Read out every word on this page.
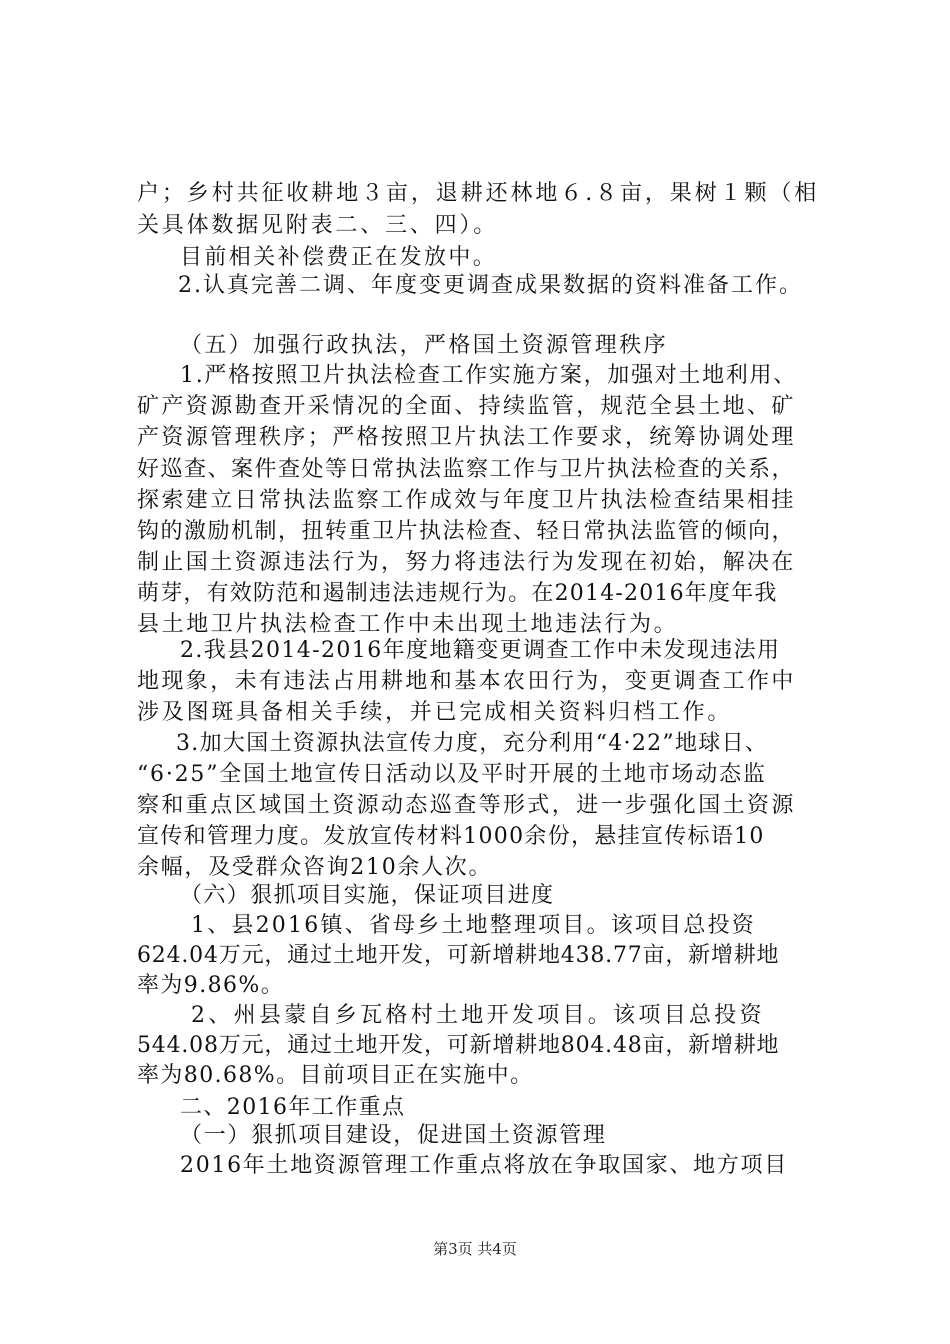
户；乡村共征收耕地３亩，退耕还林地６.８亩，果树１颗（相
关具体数据见附表二、三、四）。
目前相关补偿费正在发放中。
2.认真完善二调、年度变更调查成果数据的资料准备工作。
（五）加强行政执法，严格国土资源管理秩序
1.严格按照卫片执法检查工作实施方案，加强对土地利用、
矿产资源勘查开采情况的全面、持续监管，规范全县土地、矿
产资源管理秩序；严格按照卫片执法工作要求，统筹协调处理
好巡查、案件查处等日常执法监察工作与卫片执法检查的关系，
探索建立日常执法监察工作成效与年度卫片执法检查结果相挂
钩的激励机制，扭转重卫片执法检查、轻日常执法监管的倾向，
制止国土资源违法行为，努力将违法行为发现在初始，解决在
萌芽，有效防范和遏制违法违规行为。在2014-2016年度年我
县土地卫片执法检查工作中未出现土地违法行为。
2.我县2014-2016年度地籍变更调查工作中未发现违法用
地现象，未有违法占用耕地和基本农田行为，变更调查工作中
涉及图斑具备相关手续，并已完成相关资料归档工作。
3.加大国土资源执法宣传力度，充分利用“4·22”地球日、
“6·25”全国土地宣传日活动以及平时开展的土地市场动态监
察和重点区域国土资源动态巡查等形式，进一步强化国土资源
宣传和管理力度。发放宣传材料1000余份，悬挂宣传标语10
余幅，及受群众咨询210余人次。
（六）狠抓项目实施，保证项目进度
1、县2016镇、省母乡土地整理项目。该项目总投资
624.04万元，通过土地开发，可新增耕地438.77亩，新增耕地
率为9.86%。
2、州县蒙自乡瓦格村土地开发项目。该项目总投资
544.08万元，通过土地开发，可新增耕地804.48亩，新增耕地
率为80.68%。目前项目正在实施中。
二、2016年工作重点
（一）狠抓项目建设，促进国土资源管理
2016年土地资源管理工作重点将放在争取国家、地方项目
第3页 共4页
